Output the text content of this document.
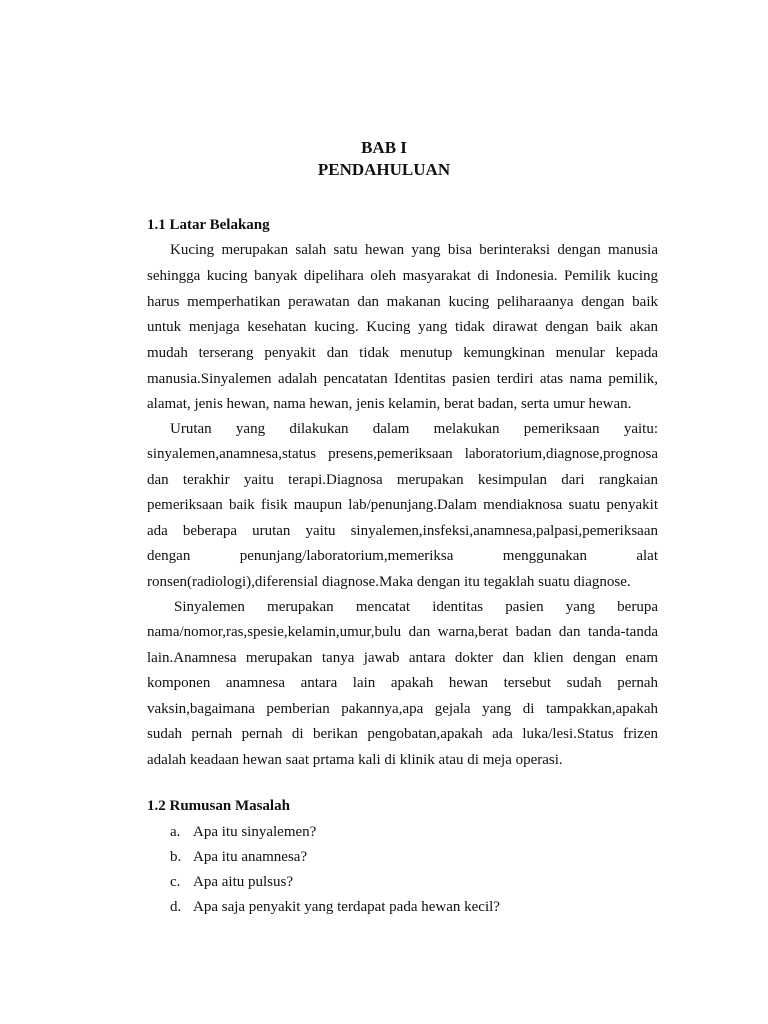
BAB I
PENDAHULUAN
1.1 Latar Belakang
Kucing merupakan salah satu hewan yang bisa berinteraksi dengan manusia
sehingga kucing banyak dipelihara oleh masyarakat di Indonesia. Pemilik kucing
harus memperhatikan perawatan dan makanan kucing peliharaanya dengan baik
untuk menjaga kesehatan kucing. Kucing yang tidak dirawat dengan baik akan
mudah terserang penyakit dan tidak menutup kemungkinan menular kepada
manusia.Sinyalemen adalah pencatatan Identitas pasien terdiri atas nama pemilik,
alamat, jenis hewan, nama hewan, jenis kelamin, berat badan, serta umur hewan.
Urutan yang dilakukan dalam melakukan pemeriksaan yaitu:
sinyalemen,anamnesa,status presens,pemeriksaan laboratorium,diagnose,prognosa
dan terakhir yaitu terapi.Diagnosa merupakan kesimpulan dari rangkaian
pemeriksaan baik fisik maupun lab/penunjang.Dalam mendiaknosa suatu penyakit
ada beberapa urutan yaitu sinyalemen,insfeksi,anamnesa,palpasi,pemeriksaan
dengan penunjang/laboratorium,memeriksa menggunakan alat
ronsen(radiologi),diferensial diagnose.Maka dengan itu tegaklah suatu diagnose.
Sinyalemen merupakan mencatat identitas pasien yang berupa
nama/nomor,ras,spesie,kelamin,umur,bulu dan warna,berat badan dan tanda-tanda
lain.Anamnesa merupakan tanya jawab antara dokter dan klien dengan enam
komponen anamnesa antara lain apakah hewan tersebut sudah pernah
vaksin,bagaimana pemberian pakannya,apa gejala yang di tampakkan,apakah
sudah pernah pernah di berikan pengobatan,apakah ada luka/lesi.Status frizen
adalah keadaan hewan saat prtama kali di klinik atau di meja operasi.
1.2 Rumusan Masalah
a. Apa itu sinyalemen?
b. Apa itu anamnesa?
c. Apa aitu pulsus?
d. Apa saja penyakit yang terdapat pada hewan kecil?
